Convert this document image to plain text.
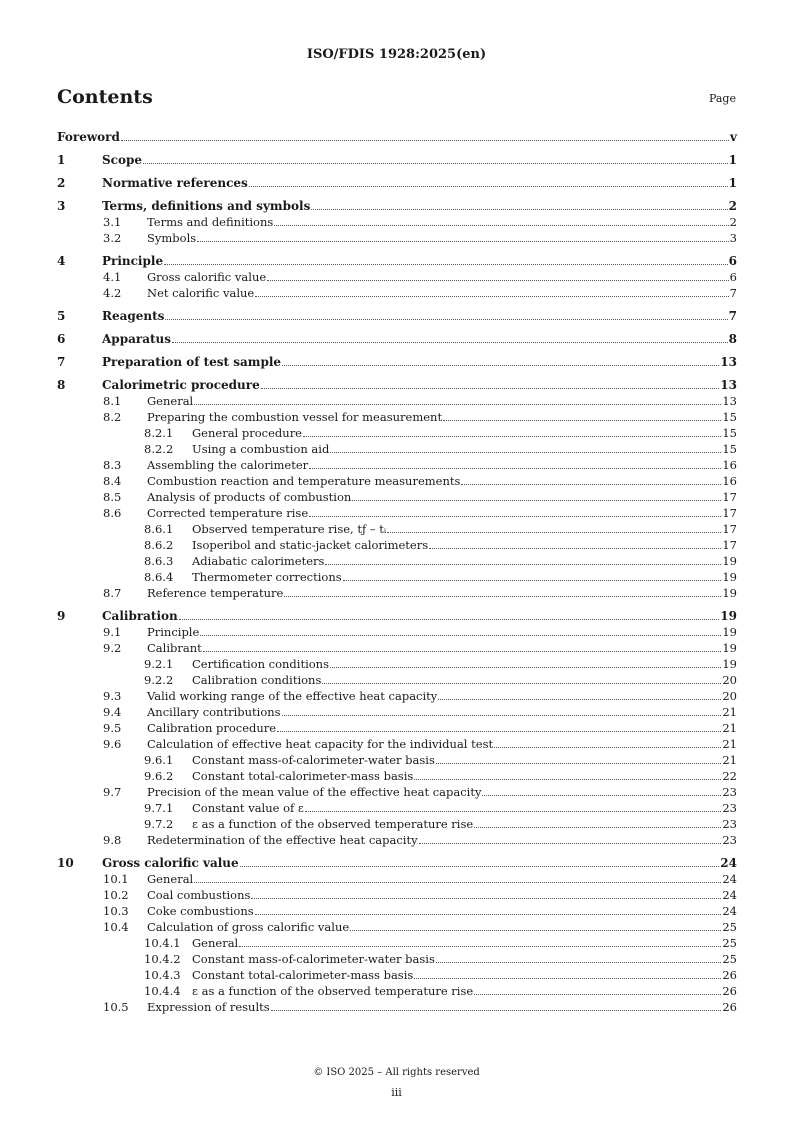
ISO/FDIS 1928:2025(en)
Contents	Page
Foreword	v
1	Scope	1
2	Normative references	1
3	Terms, definitions and symbols	2
3.1 Terms and definitions	2
3.2 Symbols	3
4	Principle	6
4.1 Gross calorific value	6
4.2 Net calorific value	7
5	Reagents	7
6	Apparatus	8
7	Preparation of test sample	13
8	Calorimetric procedure	13
8.1 General	13
8.2 Preparing the combustion vessel for measurement	15
8.2.1 General procedure	15
8.2.2 Using a combustion aid	15
8.3 Assembling the calorimeter	16
8.4 Combustion reaction and temperature measurements	16
8.5 Analysis of products of combustion	17
8.6 Corrected temperature rise	17
8.6.1 Observed temperature rise, tƒ – tᵢ	17
8.6.2 Isoperibol and static-jacket calorimeters	17
8.6.3 Adiabatic calorimeters	19
8.6.4 Thermometer corrections	19
8.7 Reference temperature	19
9	Calibration	19
9.1 Principle	19
9.2 Calibrant	19
9.2.1 Certification conditions	19
9.2.2 Calibration conditions	20
9.3 Valid working range of the effective heat capacity	20
9.4 Ancillary contributions	21
9.5 Calibration procedure	21
9.6 Calculation of effective heat capacity for the individual test	21
9.6.1 Constant mass-of-calorimeter-water basis	21
9.6.2 Constant total-calorimeter-mass basis	22
9.7 Precision of the mean value of the effective heat capacity	23
9.7.1 Constant value of ε	23
9.7.2 ε as a function of the observed temperature rise	23
9.8 Redetermination of the effective heat capacity	23
10 Gross calorific value	24
10.1 General	24
10.2 Coal combustions	24
10.3 Coke combustions	24
10.4 Calculation of gross calorific value	25
10.4.1 General	25
10.4.2 Constant mass-of-calorimeter-water basis	25
10.4.3 Constant total-calorimeter-mass basis	26
10.4.4 ε as a function of the observed temperature rise	26
10.5 Expression of results	26
© ISO 2025 – All rights reserved
iii
